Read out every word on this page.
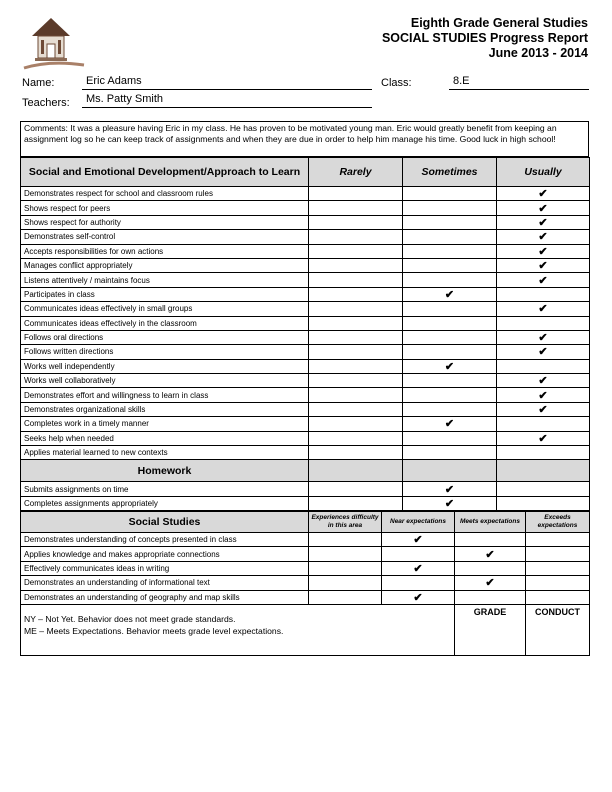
Eighth Grade General Studies
SOCIAL STUDIES Progress Report
June 2013 - 2014
Name:	Eric Adams	Class:	8.E
Teachers:	Ms. Patty Smith
Comments: It was a pleasure having Eric in my class. He has proven to be motivated young man. Eric would greatly benefit from keeping an assignment log so he can keep track of assignments and when they are due in order to help him manage his time. Good luck in high school!
Social and Emotional Development/Approach to Learn	Rarely	Sometimes	Usually
Demonstrates respect for school and classroom rules			✔
Shows respect for peers			✔
Shows respect for authority			✔
Demonstrates self-control			✔
Accepts responsibilities for own actions			✔
Manages conflict appropriately			✔
Listens attentively / maintains focus			✔
Participates in class		✔	
Communicates ideas effectively in small groups			✔
Communicates ideas effectively in the classroom			
Follows oral directions			✔
Follows written directions			✔
Works well independently		✔	
Works well collaboratively			✔
Demonstrates effort and willingness to learn in class			✔
Demonstrates organizational skills			✔
Completes work in a timely manner		✔	
Seeks help when needed			✔
Applies material learned to new contexts			
Homework			
Submits assignments on time		✔	
Completes assignments appropriately		✔	
Social Studies	Experiences difficulty in this area	Near expectations	Meets expectations	Exceeds expectations
Demonstrates understanding of concepts presented in class		✔		
Applies knowledge and makes appropriate connections			✔	
Effectively communicates ideas in writing		✔		
Demonstrates an understanding of informational text			✔	
Demonstrates an understanding of geography and map skills		✔		
NY – Not Yet. Behavior does not meet grade standards.
ME – Meets Expectations. Behavior meets grade level expectations.
	GRADE	CONDUCT
